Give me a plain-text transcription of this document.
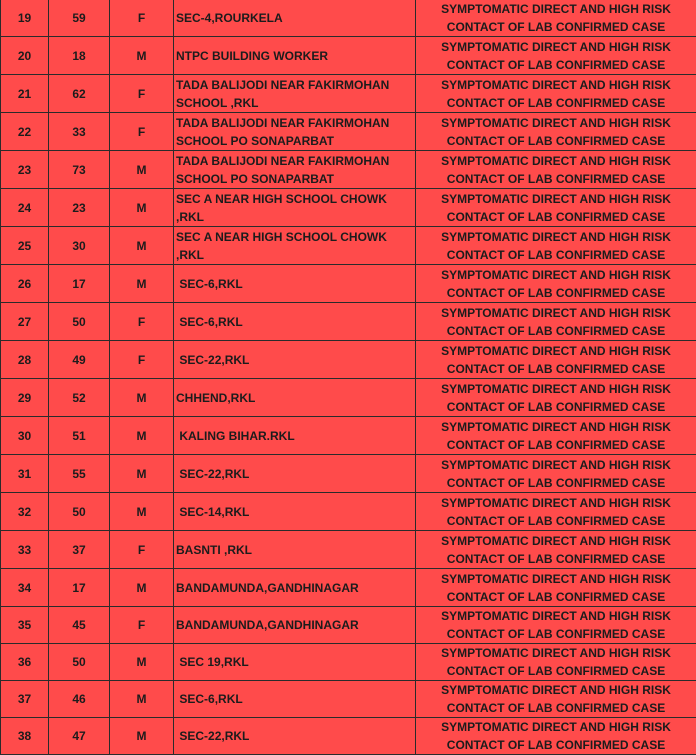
19	59	F	SEC-4,ROURKELA	SYMPTOMATIC DIRECT AND HIGH RISK CONTACT OF LAB CONFIRMED CASE
20	18	M	NTPC BUILDING WORKER	SYMPTOMATIC DIRECT AND HIGH RISK CONTACT OF LAB CONFIRMED CASE
21	62	F	TADA BALIJODI NEAR FAKIRMOHAN SCHOOL ,RKL	SYMPTOMATIC DIRECT AND HIGH RISK CONTACT OF LAB CONFIRMED CASE
22	33	F	TADA BALIJODI NEAR FAKIRMOHAN SCHOOL PO SONAPARBAT	SYMPTOMATIC DIRECT AND HIGH RISK CONTACT OF LAB CONFIRMED CASE
23	73	M	TADA BALIJODI NEAR FAKIRMOHAN SCHOOL PO SONAPARBAT	SYMPTOMATIC DIRECT AND HIGH RISK CONTACT OF LAB CONFIRMED CASE
24	23	M	SEC A NEAR HIGH SCHOOL CHOWK ,RKL	SYMPTOMATIC DIRECT AND HIGH RISK CONTACT OF LAB CONFIRMED CASE
25	30	M	SEC A NEAR HIGH SCHOOL CHOWK ,RKL	SYMPTOMATIC DIRECT AND HIGH RISK CONTACT OF LAB CONFIRMED CASE
26	17	M	SEC-6,RKL	SYMPTOMATIC DIRECT AND HIGH RISK CONTACT OF LAB CONFIRMED CASE
27	50	F	SEC-6,RKL	SYMPTOMATIC DIRECT AND HIGH RISK CONTACT OF LAB CONFIRMED CASE
28	49	F	SEC-22,RKL	SYMPTOMATIC DIRECT AND HIGH RISK CONTACT OF LAB CONFIRMED CASE
29	52	M	CHHEND,RKL	SYMPTOMATIC DIRECT AND HIGH RISK CONTACT OF LAB CONFIRMED CASE
30	51	M	KALING BIHAR.RKL	SYMPTOMATIC DIRECT AND HIGH RISK CONTACT OF LAB CONFIRMED CASE
31	55	M	SEC-22,RKL	SYMPTOMATIC DIRECT AND HIGH RISK CONTACT OF LAB CONFIRMED CASE
32	50	M	SEC-14,RKL	SYMPTOMATIC DIRECT AND HIGH RISK CONTACT OF LAB CONFIRMED CASE
33	37	F	BASNTI ,RKL	SYMPTOMATIC DIRECT AND HIGH RISK CONTACT OF LAB CONFIRMED CASE
34	17	M	BANDAMUNDA,GANDHINAGAR	SYMPTOMATIC DIRECT AND HIGH RISK CONTACT OF LAB CONFIRMED CASE
35	45	F	BANDAMUNDA,GANDHINAGAR	SYMPTOMATIC DIRECT AND HIGH RISK CONTACT OF LAB CONFIRMED CASE
36	50	M	SEC 19,RKL	SYMPTOMATIC DIRECT AND HIGH RISK CONTACT OF LAB CONFIRMED CASE
37	46	M	SEC-6,RKL	SYMPTOMATIC DIRECT AND HIGH RISK CONTACT OF LAB CONFIRMED CASE
38	47	M	SEC-22,RKL	SYMPTOMATIC DIRECT AND HIGH RISK CONTACT OF LAB CONFIRMED CASE
